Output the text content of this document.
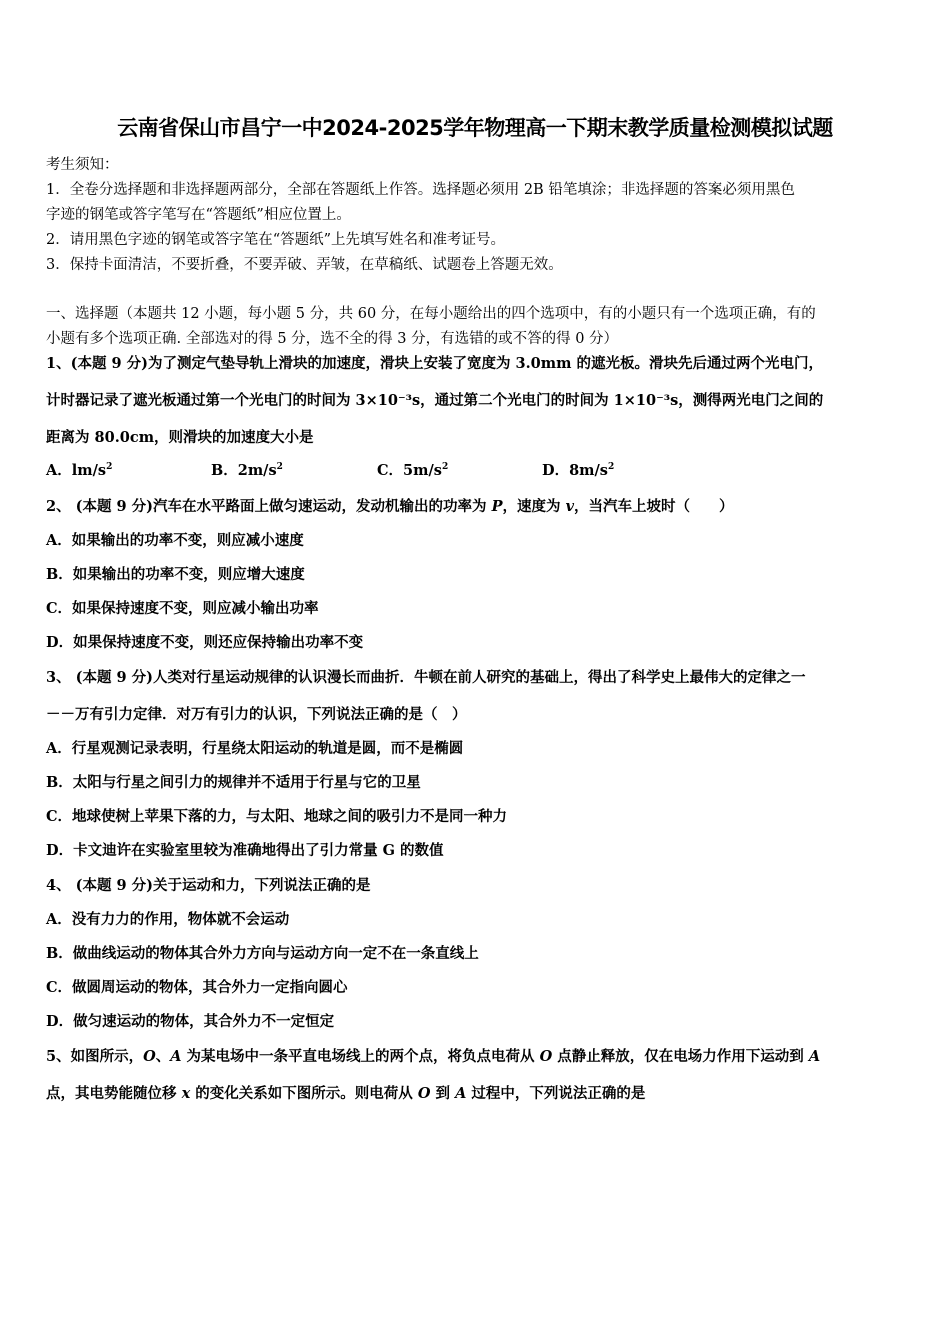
云南省保山市昌宁一中2024-2025学年物理高一下期末教学质量检测模拟试题
考生须知：
1．全卷分选择题和非选择题两部分，全部在答题纸上作答。选择题必须用 2B 铅笔填涂；非选择题的答案必须用黑色
字迹的钢笔或答字笔写在“答题纸”相应位置上。
2．请用黑色字迹的钢笔或答字笔在“答题纸”上先填写姓名和准考证号。
3．保持卡面清洁，不要折叠，不要弄破、弄皱，在草稿纸、试题卷上答题无效。
一、选择题（本题共 12 小题，每小题 5 分，共 60 分，在每小题给出的四个选项中，有的小题只有一个选项正确，有的
小题有多个选项正确. 全部选对的得 5 分，选不全的得 3 分，有选错的或不答的得 0 分）
1、(本题 9 分)为了测定气垫导轨上滑块的加速度，滑块上安装了宽度为 3.0mm 的遮光板。滑块先后通过两个光电门，
计时器记录了遮光板通过第一个光电门的时间为 3×10⁻³s，通过第二个光电门的时间为 1×10⁻³s，测得两光电门之间的
距离为 80.0cm，则滑块的加速度大小是
A．$lm/s^2$	B．$2m/s^2$	C．$5m/s^2$	D．$8m/s^2$
2、 (本题 9 分)汽车在水平路面上做匀速运动，发动机输出的功率为 P，速度为 v，当汽车上坡时（　　）
A．如果输出的功率不变，则应减小速度
B．如果输出的功率不变，则应增大速度
C．如果保持速度不变，则应减小输出功率
D．如果保持速度不变，则还应保持输出功率不变
3、 (本题 9 分)人类对行星运动规律的认识漫长而曲折．牛顿在前人研究的基础上，得出了科学史上最伟大的定律之一
－－万有引力定律．对万有引力的认识，下列说法正确的是（　）
A．行星观测记录表明，行星绕太阳运动的轨道是圆，而不是椭圆
B．太阳与行星之间引力的规律并不适用于行星与它的卫星
C．地球使树上苹果下落的力，与太阳、地球之间的吸引力不是同一种力
D．卡文迪许在实验室里较为准确地得出了引力常量 G 的数值
4、 (本题 9 分)关于运动和力，下列说法正确的是
A．没有力力的作用，物体就不会运动
B．做曲线运动的物体其合外力方向与运动方向一定不在一条直线上
C．做圆周运动的物体，其合外力一定指向圆心
D．做匀速运动的物体，其合外力不一定恒定
5、如图所示，O、A 为某电场中一条平直电场线上的两个点，将负点电荷从 O 点静止释放，仅在电场力作用下运动到 A
点，其电势能随位移 x 的变化关系如下图所示。则电荷从 O 到 A 过程中，下列说法正确的是
